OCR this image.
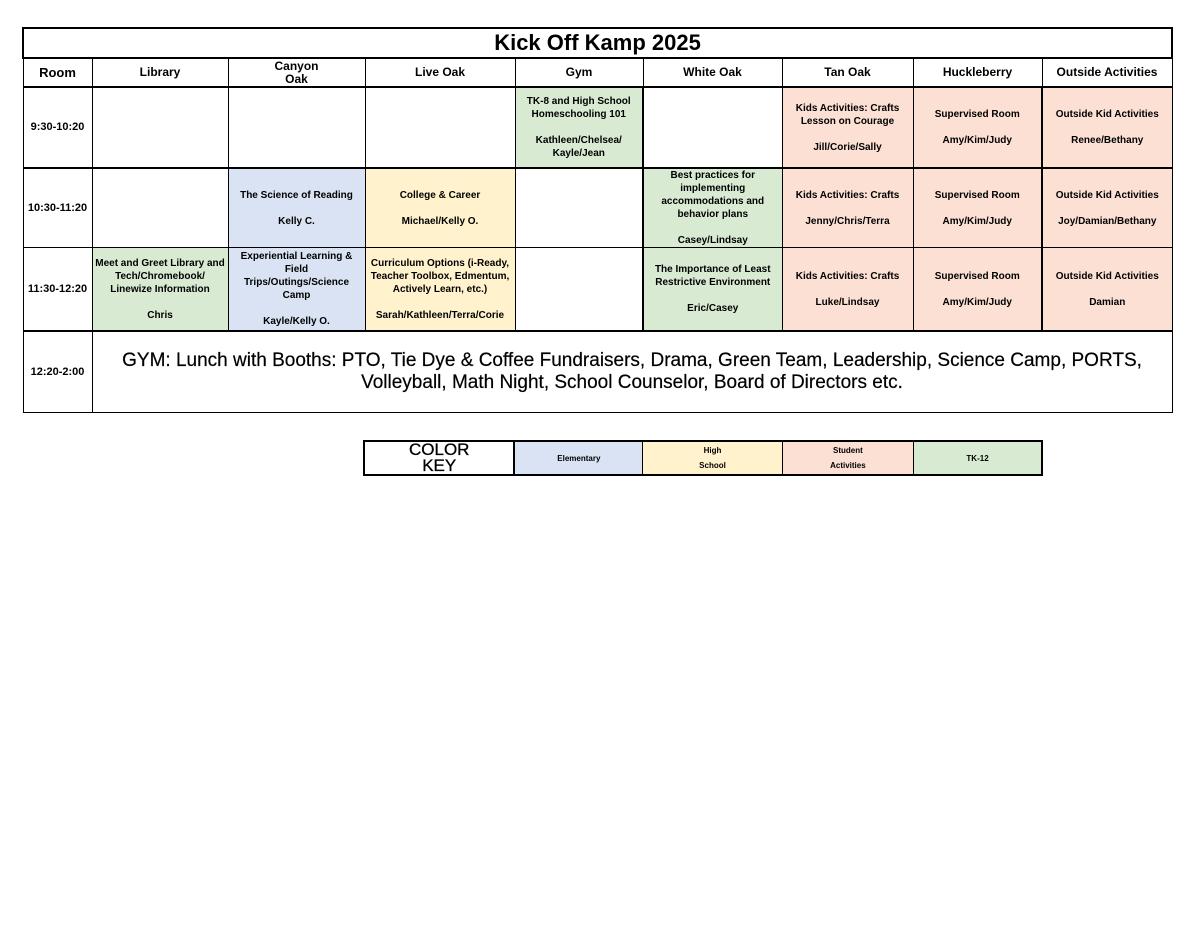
Kick Off Kamp 2025								
Room	Library	Canyon
Oak	Live Oak	Gym	White Oak	Tan Oak	Huckleberry	Outside Activities
9:30-10:20				TK-8 and High School
Homeschooling 101

Kathleen/Chelsea/
Kayle/Jean		Kids Activities: Crafts
Lesson on Courage

Jill/Corie/Sally	Supervised Room

Amy/Kim/Judy	Outside Kid Activities

Renee/Bethany
10:30-11:20		The Science of Reading

Kelly C.	College & Career

Michael/Kelly O.		Best practices for
implementing
accommodations and
behavior plans

Casey/Lindsay	Kids Activities: Crafts

Jenny/Chris/Terra	Supervised Room

Amy/Kim/Judy	Outside Kid Activities

Joy/Damian/Bethany
11:30-12:20	Meet and Greet Library and
Tech/Chromebook/
Linewize Information

Chris	Experiential Learning &
Field
Trips/Outings/Science
Camp

Kayle/Kelly O.	Curriculum Options (i-Ready,
Teacher Toolbox, Edmentum,
Actively Learn, etc.)

Sarah/Kathleen/Terra/Corie		The Importance of Least
Restrictive Environment

Eric/Casey	Kids Activities: Crafts

Luke/Lindsay	Supervised Room

Amy/Kim/Judy	Outside Kid Activities

Damian
12:20-2:00	GYM: Lunch with Booths: PTO, Tie Dye & Coffee Fundraisers, Drama, Green Team, Leadership, Science Camp, PORTS,
Volleyball, Math Night, School Counselor, Board of Directors etc.							
COLOR
KEY	Elementary	High
School	Student
Activities	TK-12
